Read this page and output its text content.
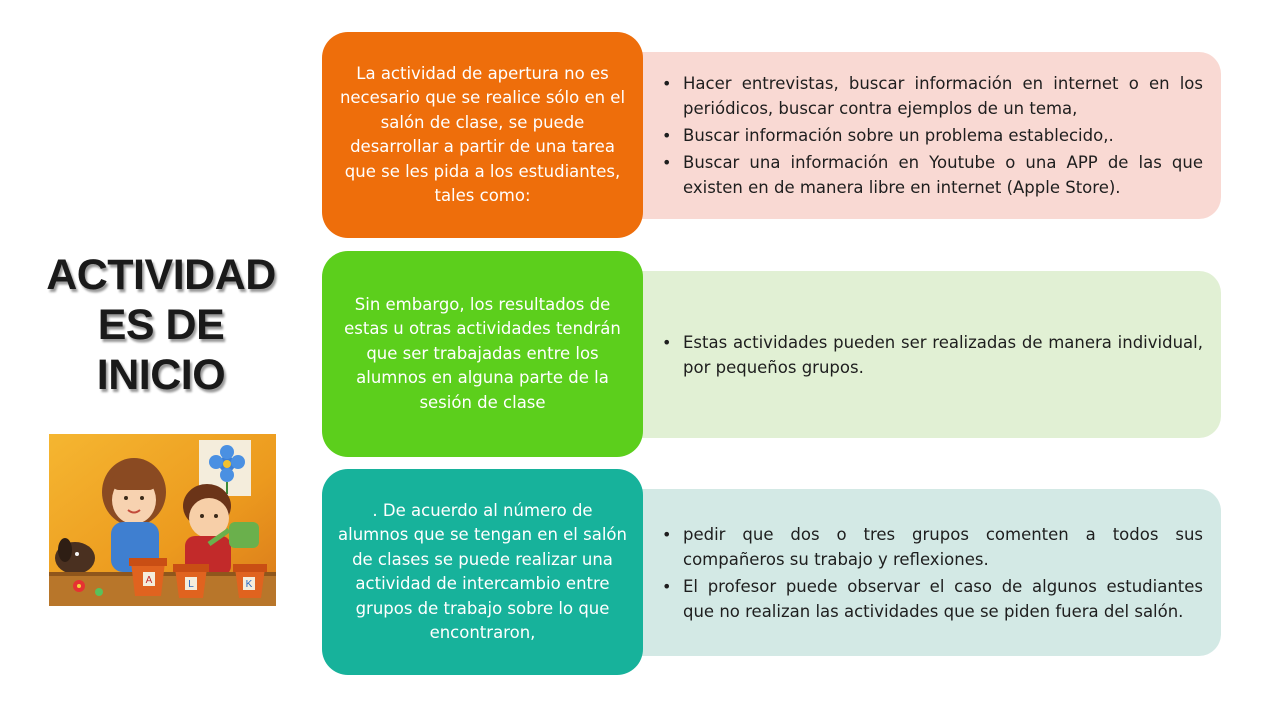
ACTIVIDAD
ES DE
INICIO
A	L	K
• Hacer entrevistas, buscar información en internet o en los periódicos, buscar contra ejemplos de un tema,
• Buscar información sobre un problema establecido,.
• Buscar una información en Youtube o una APP de las que existen en de manera libre en internet (Apple Store).
La actividad de apertura no es necesario que se realice sólo en el salón de clase, se puede desarrollar a partir de una tarea que se les pida a los estudiantes, tales como:
• Estas actividades pueden ser realizadas de manera individual, por pequeños grupos.
Sin embargo, los resultados de estas u otras actividades tendrán que ser trabajadas entre los alumnos en alguna parte de la sesión de clase
• pedir que dos o tres grupos comenten a todos sus compañeros su trabajo y reflexiones.
• El profesor puede observar el caso de algunos estudiantes que no realizan las actividades que se piden fuera del salón.
. De acuerdo al número de alumnos que se tengan en el salón de clases se puede realizar una actividad de intercambio entre grupos de trabajo sobre lo que encontraron,
